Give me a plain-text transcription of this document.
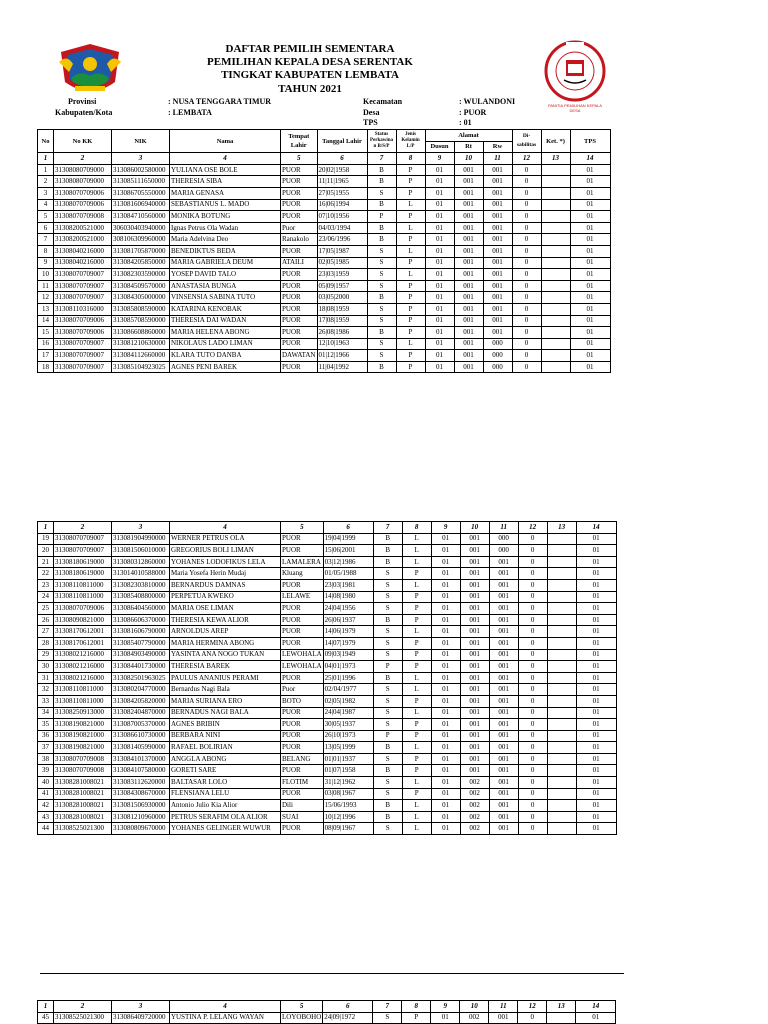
PANITIA PEMILIHAN KEPALA DESA
DAFTAR PEMILIH SEMENTARA
PEMILIHAN KEPALA DESA SERENTAK
TINGKAT KABUPATEN LEMBATA
TAHUN 2021
Provinsi	: NUSA TENGGARA TIMUR
Kabupaten/Kota	: LEMBATA
Kecamatan	: WULANDONI
Desa	: PUOR
TPS	: 01
No	No KK	NIK	Nama	Tempat Lahir	Tanggal Lahir	Status Perkawina n B/S/P	Jenis Kelamin L/P	Alamat			Di- sabilitas	Ket. *)	TPS
								Dusun	Rt	Rw			
1	2	3	4	5	6	7	8	9	10	11	12	13	14
1	31308080709000	313086002580000	YULIANA OSE BOLE	PUOR	20|02|1958	B	P	01	001	001	0		01
2	31308080709000	313085111650000	THERESIA SIBA	PUOR	11|11|1965	B	P	01	001	001	0		01
3	31308070709006	313086705550000	MARIA GENASA	PUOR	27|05|1955	S	P	01	001	001	0		01
4	31308070709006	313081606940000	SEBASTIANUS L. MADO	PUOR	16|06|1994	B	L	01	001	001	0		01
5	31308070709008	313084710560000	MONIKA BOTUNG	PUOR	07|10|1956	P	P	01	001	001	0		01
6	31308200521000	306030403940000	Ignas Petrus Ola Wadan	Puor	04/03/1994	B	L	01	001	001	0		01
7	31308200521000	308106309960000	Maria Adelvina Deo	Ranakolo	23/06/1996	B	P	01	001	001	0		01
8	31308040216000	313081705870000	BENEDIKTUS BEDA	PUOR	17|05|1987	S	L	01	001	001	0		01
9	31308040216000	313084205850000	MARIA GABRIELA DEUM	ATAILI	02|05|1985	S	P	01	001	001	0		01
10	31308070709007	313082303590000	YOSEP DAVID TALO	PUOR	23|03|1959	S	L	01	001	001	0		01
11	31308070709007	313084509570000	ANASTASIA BUNGA	PUOR	05|09|1957	S	P	01	001	001	0		01
12	31308070709007	313084305000000	VINSENSIA SABINA TUTO	PUOR	03|05|2000	B	P	01	001	001	0		01
13	31308110316000	313085808590000	KATARINA KENOBAK	PUOR	18|08|1959	S	P	01	001	001	0		01
14	31308070709006	313085708590000	THERESIA DAI WADAN	PUOR	17|08|1959	S	P	01	001	001	0		01
15	31308070709006	313086608860000	MARIA HELENA ABONG	PUOR	26|08|1986	B	P	01	001	001	0		01
16	31308070709007	313081210630000	NIKOLAUS LADO LIMAN	PUOR	12|10|1963	S	L	01	001	000	0		01
17	31308070709007	313084112660000	KLARA TUTO DANBA	DAWATAN	01|12|1966	S	P	01	001	000	0		01
18	31308070709007	313085104923025	AGNES PENI BAREK	PUOR	11|04|1992	B	P	01	001	000	0		01
1	2	3	4	5	6	7	8	9	10	11	12	13	14
19	31308070709007	313081904990000	WERNER PETRUS OLA	PUOR	19|04|1999	B	L	01	001	000	0		01
20	31308070709007	313081506010000	GREGORIUS BOLI LIMAN	PUOR	15|06|2001	B	L	01	001	000	0		01
21	31308180619000	313080312860000	YOHANES LODOFIKUS LELA	LAMALERA	03|12|1986	B	L	01	001	001	0		01
22	31308180619000	313014010588000	Maria Yosefa Herin Mudaj	Kluang	01/05/1988	S	P	01	001	001	0		01
23	31308110811000	313082303810000	BERNARDUS DAMNAS	PUOR	23|03|1981	S	L	01	001	001	0		01
24	31308110811000	313085408800000	PERPETUA KWEKO	LELAWE	14|08|1980	S	P	01	001	001	0		01
25	31308070709006	313086404560000	MARIA OSE LIMAN	PUOR	24|04|1956	S	P	01	001	001	0		01
26	31308090821000	313086606370000	THERESIA KEWA ALIOR	PUOR	26|06|1937	B	P	01	001	001	0		01
27	31308170612001	313081606790000	ARNOLDUS AREP	PUOR	14|06|1979	S	L	01	001	001	0		01
28	31308170612001	313085407790000	MARIA HERMINA ABONG	PUOR	14|07|1979	S	P	01	001	001	0		01
29	31308021216000	313084903490000	YASINTA ANA NOGO TUKAN	LEWOHALA	09|03|1949	S	P	01	001	001	0		01
30	31308021216000	313084401730000	THERESIA BAREK	LEWOHALA	04|01|1973	P	P	01	001	001	0		01
31	31308021216000	313082501963025	PAULUS ANANIUS PERAMI	PUOR	25|01|1996	B	L	01	001	001	0		01
32	31308110811000	313080204770000	Bernardus Nagi Bala	Puor	02/04/1977	S	L	01	001	001	0		01
33	31308110811000	313084205820000	MARIA SURIANA ERO	BOTO	02|05|1982	S	P	01	001	001	0		01
34	31308250913000	313082404870000	BERNADUS NAGI BALA	PUOR	24|04|1987	S	L	01	001	001	0		01
35	31308190821000	313087005370000	AGNES BRIBIN	PUOR	30|05|1937	S	P	01	001	001	0		01
36	31308190821000	313086610730000	BERBARA NINI	PUOR	26|10|1973	P	P	01	001	001	0		01
37	31308190821000	313081405990000	RAFAEL BOLIRIAN	PUOR	13|05|1999	B	L	01	001	001	0		01
38	31308070709008	313084101370000	ANGGLA ABONG	BELANG	01|01|1937	S	P	01	001	001	0		01
39	31308070709008	313084107580000	GORETI SARE	PUOR	01|07|1958	B	P	01	001	001	0		01
40	31308281008021	313083112620000	BALTASAR LOLO	FLOTIM	31|12|1962	S	L	01	002	001	0		01
41	31308281008021	313084308670000	FLENSIANA LELU	PUOR	03|08|1967	S	P	01	002	001	0		01
42	31308281008021	313081506930000	Antonio Julio Kia Alior	Dili	15/06/1993	B	L	01	002	001	0		01
43	31308281008021	313081210960000	PETRUS SERAFIM OLA ALIOR	SUAI	10|12|1996	B	L	01	002	001	0		01
44	31308525021300	313080809670000	YOHANES GELINGER WUWUR	PUOR	08|09|1967	S	L	01	002	001	0		01
1	2	3	4	5	6	7	8	9	10	11	12	13	14
45	31308525021300	313086409720000	YUSTINA P. LELANG WAYAN	LOYOBOHO	24|09|1972	S	P	01	002	001	0		01
